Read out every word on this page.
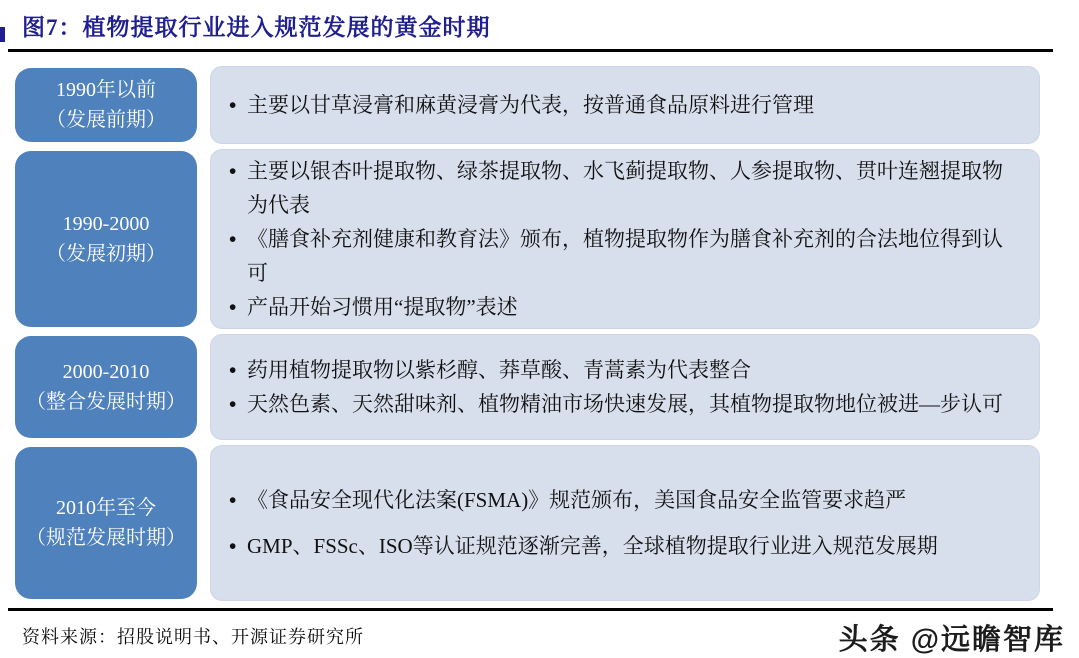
图7：植物提取行业进入规范发展的黄金时期
1990年以前
（发展前期）
• 主要以甘草浸膏和麻黄浸膏为代表，按普通食品原料进行管理
1990-2000
（发展初期）
• 主要以银杏叶提取物、绿茶提取物、水飞蓟提取物、人参提取物、贯叶连翘提取物为代表
• 《膳食补充剂健康和教育法》颁布，植物提取物作为膳食补充剂的合法地位得到认可
• 产品开始习惯用“提取物”表述
2000-2010
（整合发展时期）
• 药用植物提取物以紫杉醇、莽草酸、青蒿素为代表整合
• 天然色素、天然甜味剂、植物精油市场快速发展，其植物提取物地位被进—步认可
2010年至今
（规范发展时期）
• 《食品安全现代化法案(FSMA)》规范颁布，美国食品安全监管要求趋严
• GMP、FSSc、ISO等认证规范逐渐完善，全球植物提取行业进入规范发展期
资料来源：招股说明书、开源证券研究所	头条 @远瞻智库
